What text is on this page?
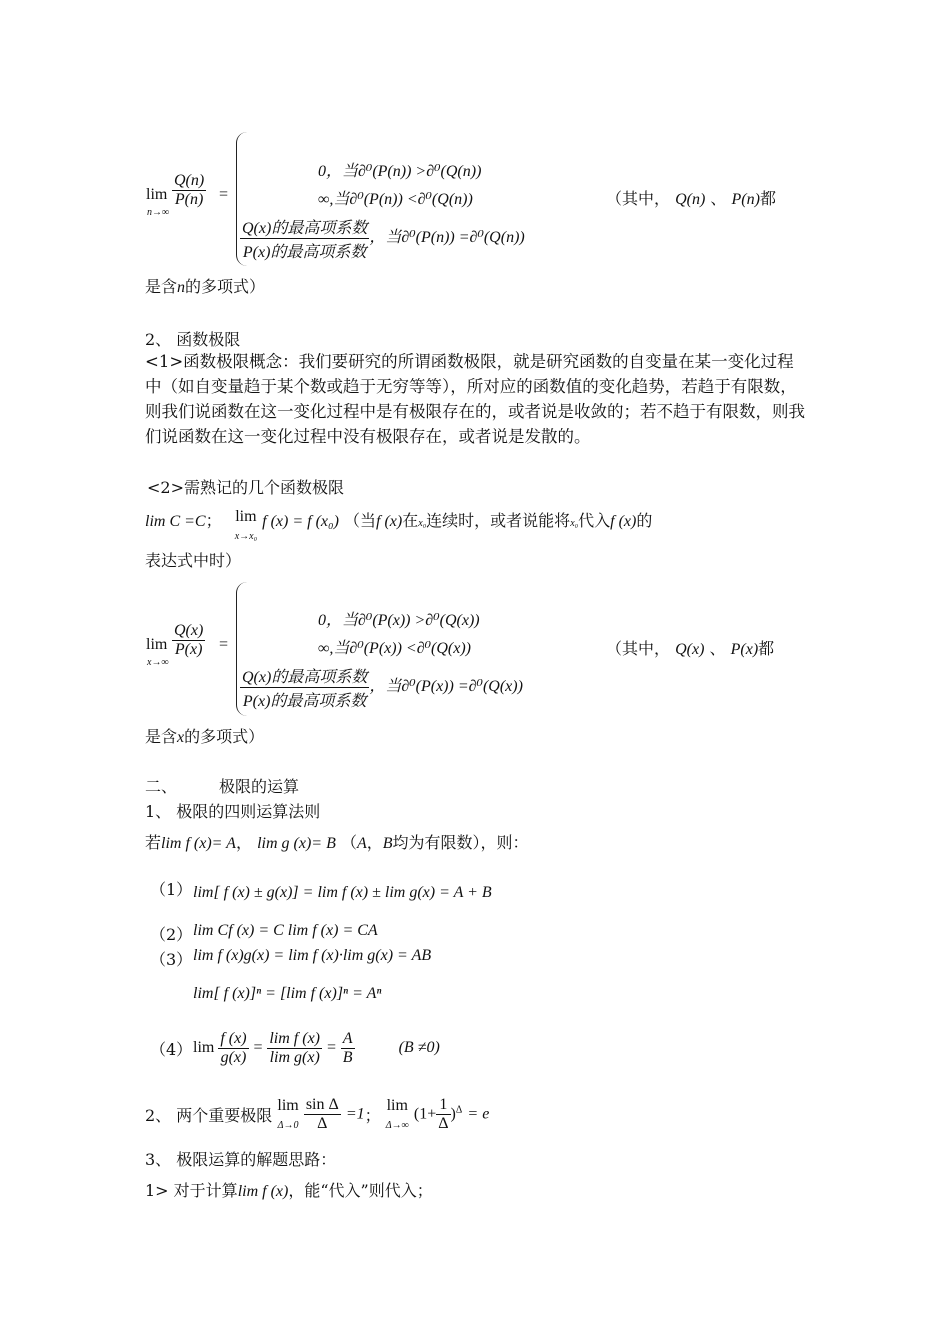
lim
n→∞
$\frac{Q(n)}{P(n)}$ =
0，当∂⁰(P(n)) >∂⁰(Q(n))
∞,当∂⁰(P(n)) <∂⁰(Q(n))
$\frac{\text{Q(x)的最高项系数}}{\text{P(x)的最高项系数}}$ ，当∂⁰(P(n)) =∂⁰(Q(n))
（其中， Q(n) 、 P(n)都
是含n的多项式）
2、 函数极限

<1>函数极限概念：我们要研究的所谓函数极限，就是研究函数的自变量在某一变化过程中（如自变量趋于某个数或趋于无穷等等），所对应的函数值的变化趋势，若趋于有限数，则我们说函数在这一变化过程中是有极限存在的，或者说是收敛的；若不趋于有限数，则我们说函数在这一变化过程中没有极限存在，或者说是发散的。

<2>需熟记的几个函数极限
lim C =C； lim
x→x₀ f (x) = f (x₀) （当f (x)在x₀连续时，或者说能将x₀代入f (x)的
表达式中时）
lim
x→∞
$\frac{Q(x)}{P(x)}$ =
0，当∂⁰(P(x)) >∂⁰(Q(x))
∞,当∂⁰(P(x)) <∂⁰(Q(x))
$\frac{\text{Q(x)的最高项系数}}{\text{P(x)的最高项系数}}$ ，当∂⁰(P(x)) =∂⁰(Q(x))
（其中， Q(x) 、 P(x)都
是含x的多项式）
二、	极限的运算
1、 极限的四则运算法则
若lim f (x)= A， lim g (x)= B （A，B均为有限数），则：
（1） lim[ f (x) ± g(x)] = lim f (x) ± lim g(x) = A + B
（2） lim Cf (x) = C lim f (x) = CA
（3） lim f (x)g(x) = lim f (x)·lim g(x) = AB
lim[ f (x)]ⁿ = [lim f (x)]ⁿ = Aⁿ
（4） $\lim \frac{f (x)}{g(x)} = \frac{\text{lim f (x)}}{\text{lim g(x)}} = \frac{A}{B}$	(B ≠0)
2、 两个重要极限 lim
$\Delta\to 0 \frac{\text{sin Δ}}{\Delta} =1$； lim
Δ→∞ $(1+ \frac{1}{\Delta} )^\Delta = e$
3、 极限运算的解题思路：
1> 对于计算lim f (x)，能“代入”则代入；
